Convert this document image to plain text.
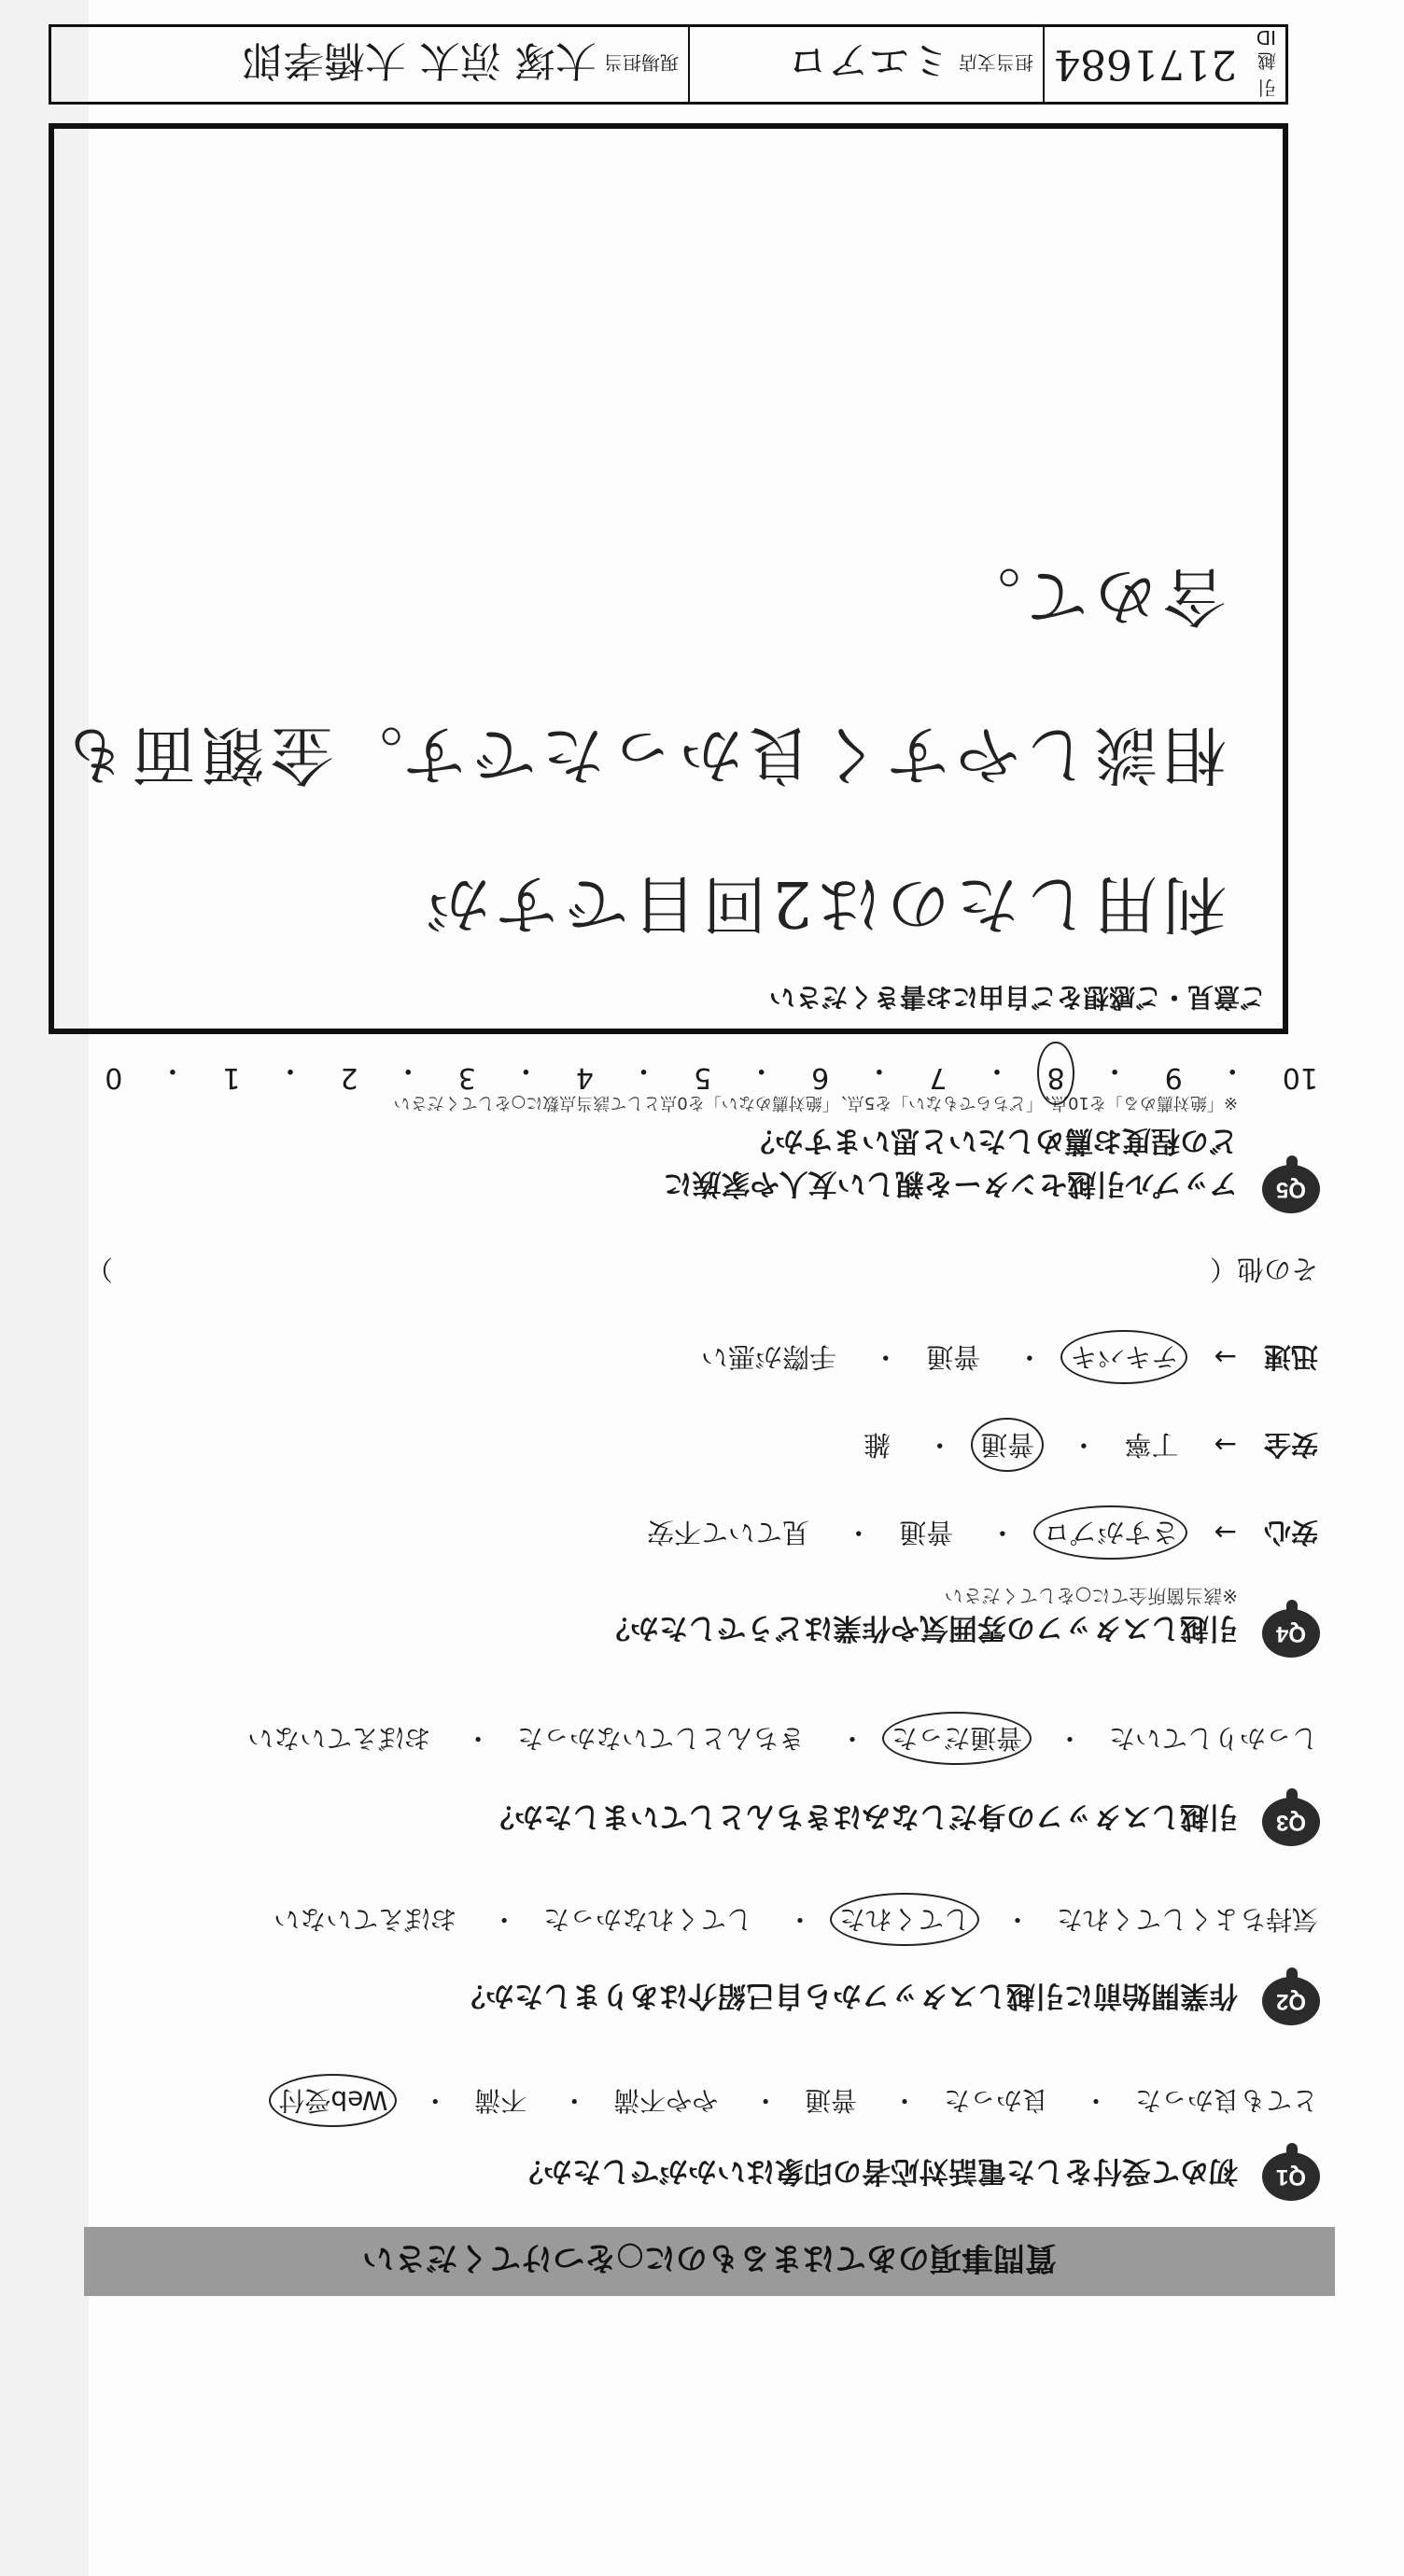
質問事項のあてはまるものに○をつけてください
Q1
初めて受付をした電話対応者の印象はいかがでしたか？
とても良かった　・　 良かった　・　 普通　・　 やや不満　・　 不満　・　 Web受付
Q2
作業開始前に引越しスタッフから自己紹介はありましたか？
気持ちよくしてくれた　・　 してくれた　・　 してくれなかった　・　 おぼえていない
Q3
引越しスタッフの身だしなみはきちんとしていましたか？
しっかりしていた　・　 普通だった　・　 きちんとしていなかった　・　 おぼえていない
Q4
引越しスタッフの雰囲気や作業はどうでしたか？
※該当箇所全てに○をしてください
安心　→　 さすがプロ　・　 普通　・　 見ていて不安
安全　→　 丁寧　・　 普通　・　 雑
迅速　→　 テキパキ　・　 普通　・　 手際が悪い
その他（
）
Q5
アップル引越センターを親しい友人や家族に
どの程度お薦めしたいと思いますか？
※「絶対薦める」を10点、「どちらでもない」を5点、「絶対薦めない」を0点として該当点数に○をしてください
10
・
9
・
8
・
7
・
6
・
5
・
4
・
3
・
2
・
1
・
0
ご意見・ご感想をご自由にお書きください
利用したのは2回目ですが
相談しやすく良かったです。金額面も
含めて。
引越ID
2171684
担当支店
ミエアロ
現場担当
大塚 涼太 大橋孝郎
